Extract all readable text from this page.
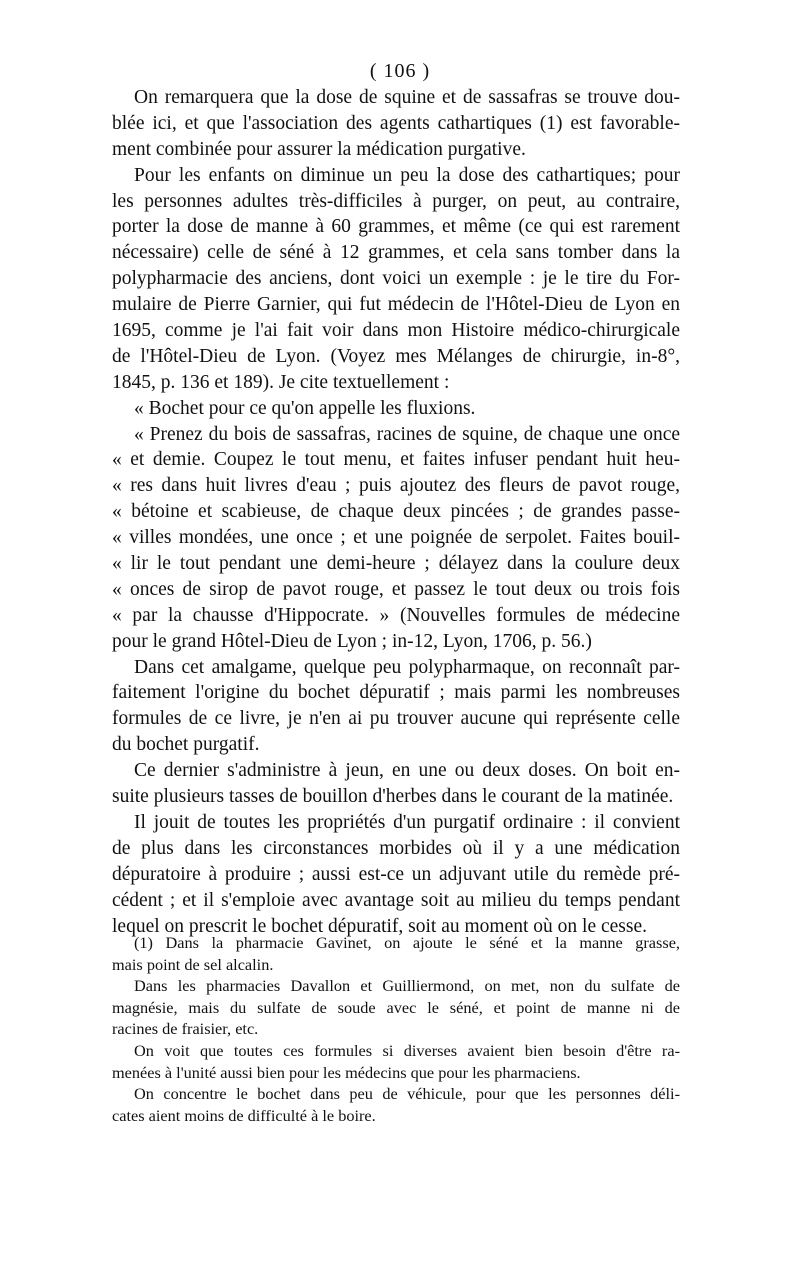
( 106 )
On remarquera que la dose de squine et de sassafras se trouve dou-
blée ici, et que l'association des agents cathartiques (1) est favorable-
ment combinée pour assurer la médication purgative.
Pour les enfants on diminue un peu la dose des cathartiques; pour
les personnes adultes très-difficiles à purger, on peut, au contraire,
porter la dose de manne à 60 grammes, et même (ce qui est rarement
nécessaire) celle de séné à 12 grammes, et cela sans tomber dans la
polypharmacie des anciens, dont voici un exemple : je le tire du For-
mulaire de Pierre Garnier, qui fut médecin de l'Hôtel-Dieu de Lyon en
1695, comme je l'ai fait voir dans mon Histoire médico-chirurgicale
de l'Hôtel-Dieu de Lyon. (Voyez mes Mélanges de chirurgie, in-8°,
1845, p. 136 et 189). Je cite textuellement :
« Bochet pour ce qu'on appelle les fluxions.
« Prenez du bois de sassafras, racines de squine, de chaque une once
« et demie. Coupez le tout menu, et faites infuser pendant huit heu-
« res dans huit livres d'eau ; puis ajoutez des fleurs de pavot rouge,
« bétoine et scabieuse, de chaque deux pincées ; de grandes passe-
« villes mondées, une once ; et une poignée de serpolet. Faites bouil-
« lir le tout pendant une demi-heure ; délayez dans la coulure deux
« onces de sirop de pavot rouge, et passez le tout deux ou trois fois
« par la chausse d'Hippocrate. » (Nouvelles formules de médecine
pour le grand Hôtel-Dieu de Lyon ; in-12, Lyon, 1706, p. 56.)
Dans cet amalgame, quelque peu polypharmaque, on reconnaît par-
faitement l'origine du bochet dépuratif ; mais parmi les nombreuses
formules de ce livre, je n'en ai pu trouver aucune qui représente celle
du bochet purgatif.
Ce dernier s'administre à jeun, en une ou deux doses. On boit en-
suite plusieurs tasses de bouillon d'herbes dans le courant de la matinée.
Il jouit de toutes les propriétés d'un purgatif ordinaire : il convient
de plus dans les circonstances morbides où il y a une médication
dépuratoire à produire ; aussi est-ce un adjuvant utile du remède pré-
cédent ; et il s'emploie avec avantage soit au milieu du temps pendant
lequel on prescrit le bochet dépuratif, soit au moment où on le cesse.
(1) Dans la pharmacie Gavinet, on ajoute le séné et la manne grasse,
mais point de sel alcalin.
Dans les pharmacies Davallon et Guilliermond, on met, non du sulfate de
magnésie, mais du sulfate de soude avec le séné, et point de manne ni de
racines de fraisier, etc.
On voit que toutes ces formules si diverses avaient bien besoin d'être ra-
menées à l'unité aussi bien pour les médecins que pour les pharmaciens.
On concentre le bochet dans peu de véhicule, pour que les personnes déli-
cates aient moins de difficulté à le boire.
